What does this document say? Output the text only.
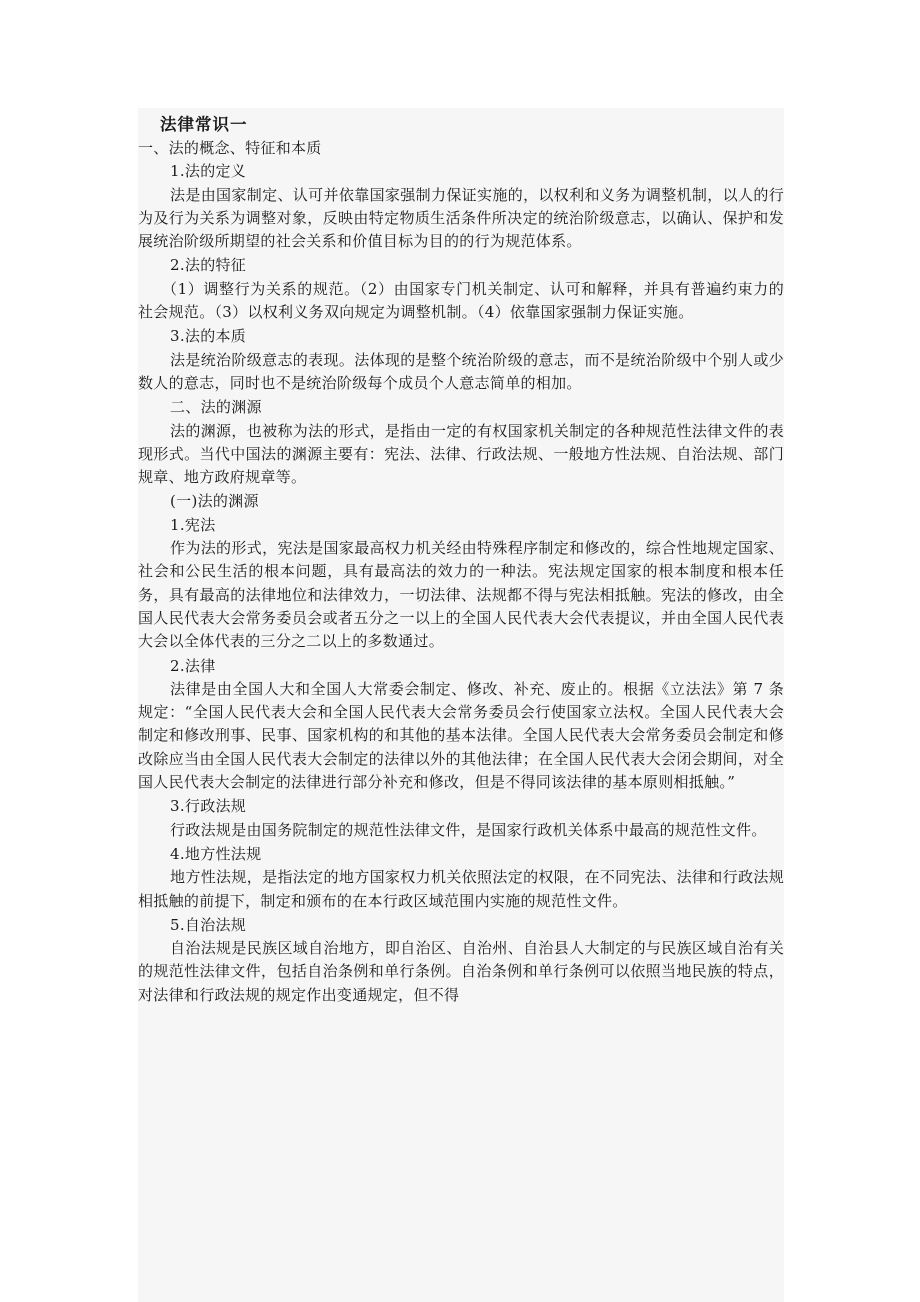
法律常识一
一、法的概念、特征和本质
1.法的定义
法是由国家制定、认可并依靠国家强制力保证实施的，以权利和义务为调整机制，以人的行为及行为关系为调整对象，反映由特定物质生活条件所决定的统治阶级意志，以确认、保护和发展统治阶级所期望的社会关系和价值目标为目的的行为规范体系。
2.法的特征
（1）调整行为关系的规范。（2）由国家专门机关制定、认可和解释，并具有普遍约束力的社会规范。（3）以权利义务双向规定为调整机制。（4）依靠国家强制力保证实施。
3.法的本质
法是统治阶级意志的表现。法体现的是整个统治阶级的意志，而不是统治阶级中个别人或少数人的意志，同时也不是统治阶级每个成员个人意志简单的相加。
二、法的渊源
法的渊源，也被称为法的形式，是指由一定的有权国家机关制定的各种规范性法律文件的表现形式。当代中国法的渊源主要有：宪法、法律、行政法规、一般地方性法规、自治法规、部门规章、地方政府规章等。
(一)法的渊源
1.宪法
作为法的形式，宪法是国家最高权力机关经由特殊程序制定和修改的，综合性地规定国家、社会和公民生活的根本问题，具有最高法的效力的一种法。宪法规定国家的根本制度和根本任务，具有最高的法律地位和法律效力，一切法律、法规都不得与宪法相抵触。宪法的修改，由全国人民代表大会常务委员会或者五分之一以上的全国人民代表大会代表提议，并由全国人民代表大会以全体代表的三分之二以上的多数通过。
2.法律
法律是由全国人大和全国人大常委会制定、修改、补充、废止的。根据《立法法》第 7 条规定：“全国人民代表大会和全国人民代表大会常务委员会行使国家立法权。全国人民代表大会制定和修改刑事、民事、国家机构的和其他的基本法律。全国人民代表大会常务委员会制定和修改除应当由全国人民代表大会制定的法律以外的其他法律；在全国人民代表大会闭会期间，对全国人民代表大会制定的法律进行部分补充和修改，但是不得同该法律的基本原则相抵触。”
3.行政法规
行政法规是由国务院制定的规范性法律文件，是国家行政机关体系中最高的规范性文件。
4.地方性法规
地方性法规，是指法定的地方国家权力机关依照法定的权限，在不同宪法、法律和行政法规相抵触的前提下，制定和颁布的在本行政区域范围内实施的规范性文件。
5.自治法规
自治法规是民族区域自治地方，即自治区、自治州、自治县人大制定的与民族区域自治有关的规范性法律文件，包括自治条例和单行条例。自治条例和单行条例可以依照当地民族的特点，对法律和行政法规的规定作出变通规定，但不得
